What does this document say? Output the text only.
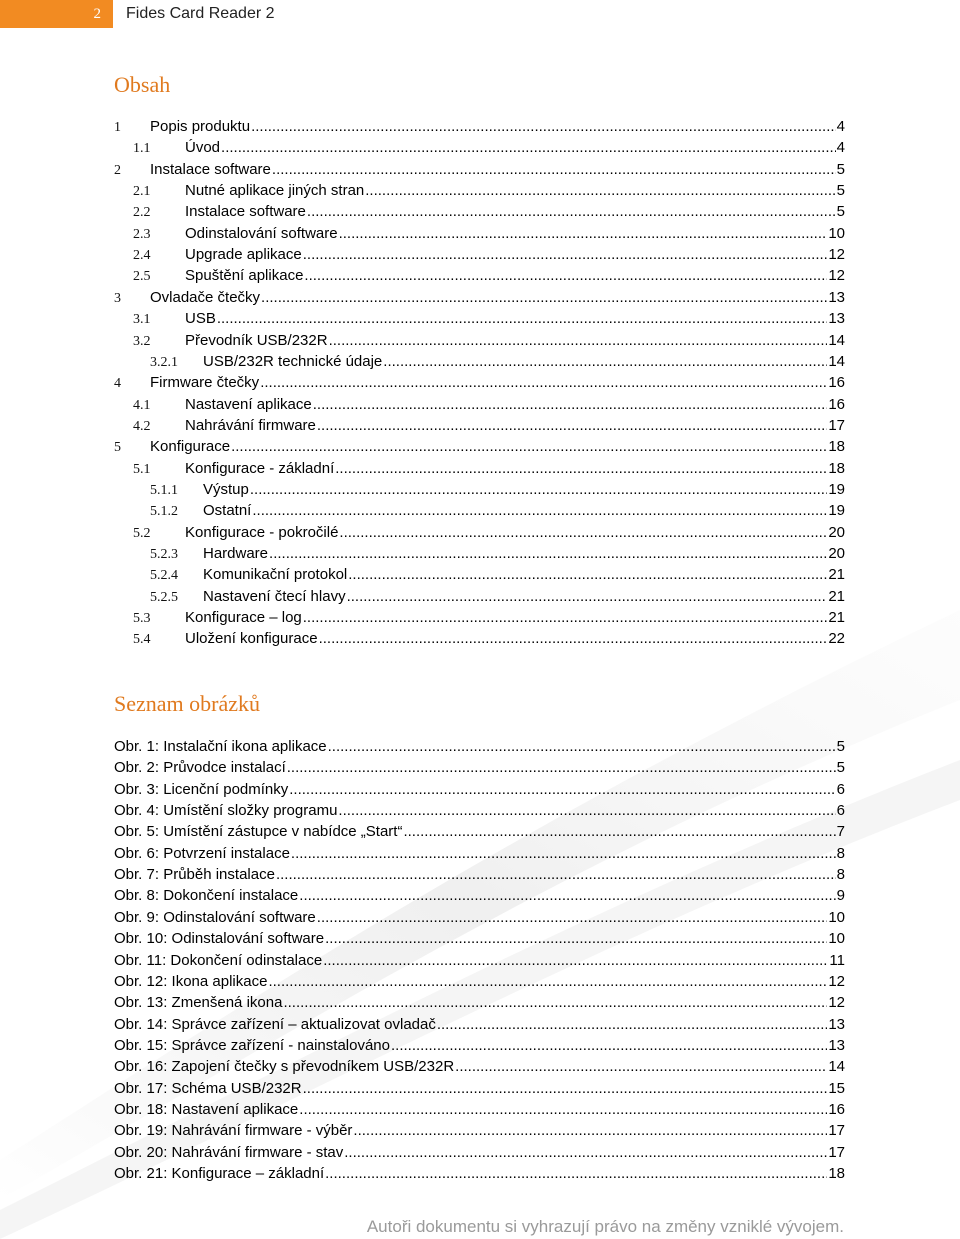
2 Fides Card Reader 2
Obsah
1	Popis produktu .....	4
1.1	Úvod .....	4
2	Instalace software .....	5
2.1	Nutné aplikace jiných stran .....	5
2.2	Instalace software .....	5
2.3	Odinstalování software .....	10
2.4	Upgrade aplikace .....	12
2.5	Spuštění aplikace .....	12
3	Ovladače čtečky .....	13
3.1	USB .....	13
3.2	Převodník USB/232R .....	14
3.2.1	USB/232R technické údaje .....	14
4	Firmware čtečky .....	16
4.1	Nastavení aplikace .....	16
4.2	Nahrávání firmware .....	17
5	Konfigurace .....	18
5.1	Konfigurace - základní .....	18
5.1.1	Výstup .....	19
5.1.2	Ostatní .....	19
5.2	Konfigurace - pokročilé .....	20
5.2.3	Hardware .....	20
5.2.4	Komunikační protokol .....	21
5.2.5	Nastavení čtecí hlavy .....	21
5.3	Konfigurace – log .....	21
5.4	Uložení konfigurace .....	22
Seznam obrázků
Obr. 1: Instalační ikona aplikace .....	5
Obr. 2: Průvodce instalací .....	5
Obr. 3: Licenční podmínky .....	6
Obr. 4: Umístění složky programu .....	6
Obr. 5: Umístění zástupce v nabídce „Start“ .....	7
Obr. 6: Potvrzení instalace .....	8
Obr. 7: Průběh instalace .....	8
Obr. 8: Dokončení instalace .....	9
Obr. 9: Odinstalování software .....	10
Obr. 10: Odinstalování software .....	10
Obr. 11: Dokončení odinstalace .....	11
Obr. 12: Ikona aplikace .....	12
Obr. 13: Zmenšená ikona .....	12
Obr. 14: Správce zařízení – aktualizovat ovladač .....	13
Obr. 15: Správce zařízení - nainstalováno .....	13
Obr. 16: Zapojení čtečky s převodníkem USB/232R .....	14
Obr. 17: Schéma USB/232R .....	15
Obr. 18: Nastavení aplikace .....	16
Obr. 19: Nahrávání firmware - výběr .....	17
Obr. 20: Nahrávání firmware - stav .....	17
Obr. 21: Konfigurace – základní .....	18
Autoři dokumentu si vyhrazují právo na změny vzniklé vývojem.
